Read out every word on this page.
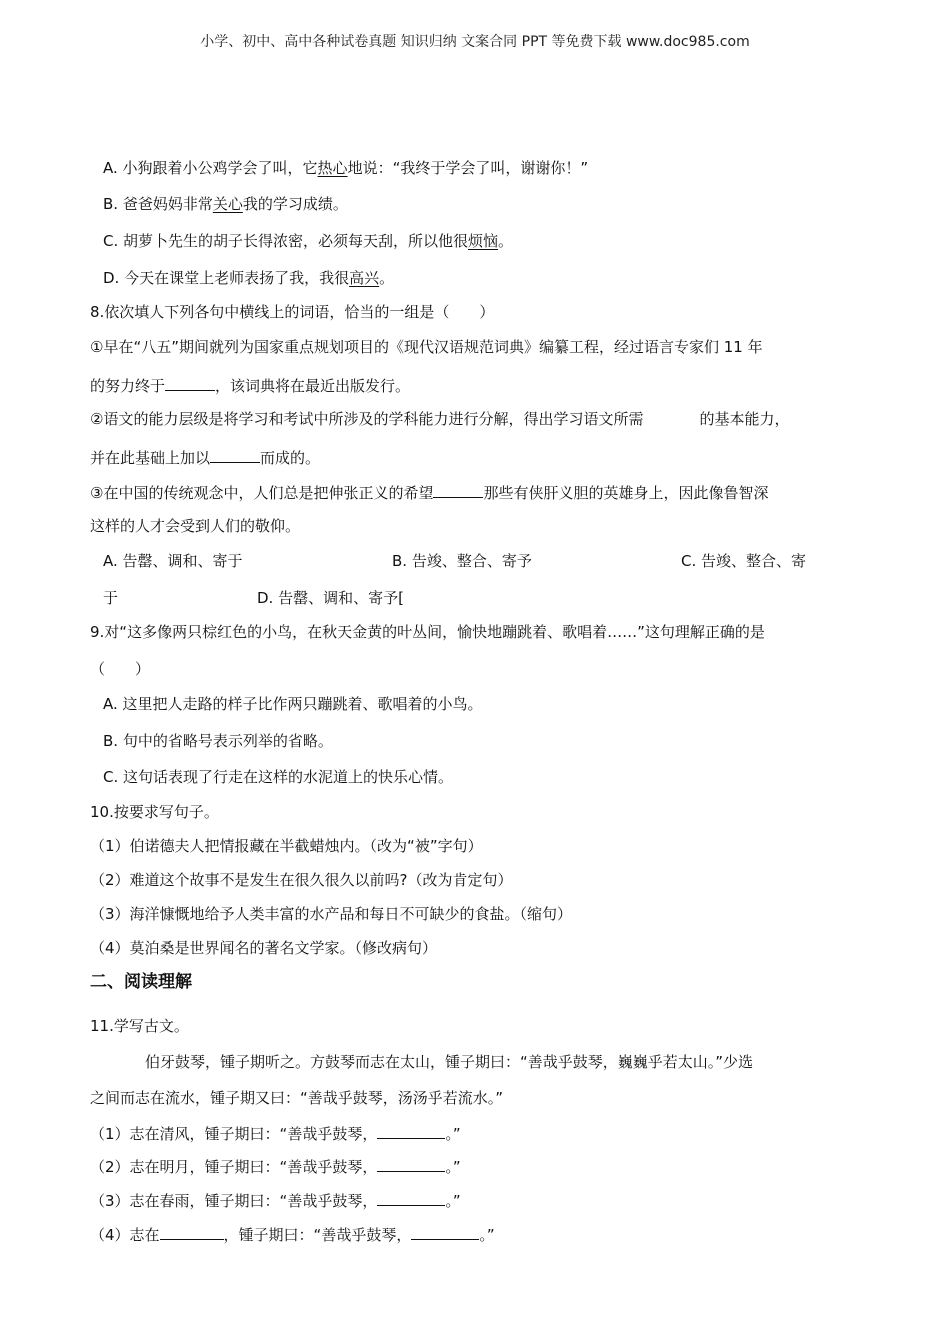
小学、初中、高中各种试卷真题 知识归纳 文案合同 PPT 等免费下载 www.doc985.com
A. 小狗跟着小公鸡学会了叫，它热心地说：“我终于学会了叫，谢谢你！”
B. 爸爸妈妈非常关心我的学习成绩。
C. 胡萝卜先生的胡子长得浓密，必须每天刮，所以他很烦恼。
D. 今天在课堂上老师表扬了我，我很高兴。
8.依次填人下列各句中横线上的词语，恰当的一组是（　　）
①早在“八五”期间就列为国家重点规划项目的《现代汉语规范词典》编纂工程，经过语言专家们 11 年
的努力终于	，该词典将在最近出版发行。
②语文的能力层级是将学习和考试中所涉及的学科能力进行分解，得出学习语文所需	的基本能力，
并在此基础上加以	而成的。
③在中国的传统观念中，人们总是把伸张正义的希望	那些有侠肝义胆的英雄身上，因此像鲁智深
这样的人才会受到人们的敬仰。
A. 告罄、调和、寄于	B. 告竣、整合、寄予	C. 告竣、整合、寄
于	D. 告罄、调和、寄予[
9.对“这多像两只棕红色的小鸟，在秋天金黄的叶丛间，愉快地蹦跳着、歌唱着……”这句理解正确的是
（　　）
A. 这里把人走路的样子比作两只蹦跳着、歌唱着的小鸟。
B. 句中的省略号表示列举的省略。
C. 这句话表现了行走在这样的水泥道上的快乐心情。
10.按要求写句子。
（1）伯诺德夫人把情报藏在半截蜡烛内。（改为“被”字句）
（2）难道这个故事不是发生在很久很久以前吗?（改为肯定句）
（3）海洋慷慨地给予人类丰富的水产品和每日不可缺少的食盐。（缩句）
（4）莫泊桑是世界闻名的著名文学家。（修改病句）
二、阅读理解
11.学写古文。
伯牙鼓琴，锺子期听之。方鼓琴而志在太山，锺子期曰：“善哉乎鼓琴，巍巍乎若太山。”少选
之间而志在流水，锺子期又曰：“善哉乎鼓琴，汤汤乎若流水。”
（1）志在清风，锺子期曰：“善哉乎鼓琴，	。”
（2）志在明月，锺子期曰：“善哉乎鼓琴，	。”
（3）志在春雨，锺子期曰：“善哉乎鼓琴，	。”
（4）志在	，锺子期曰：“善哉乎鼓琴，	。”
